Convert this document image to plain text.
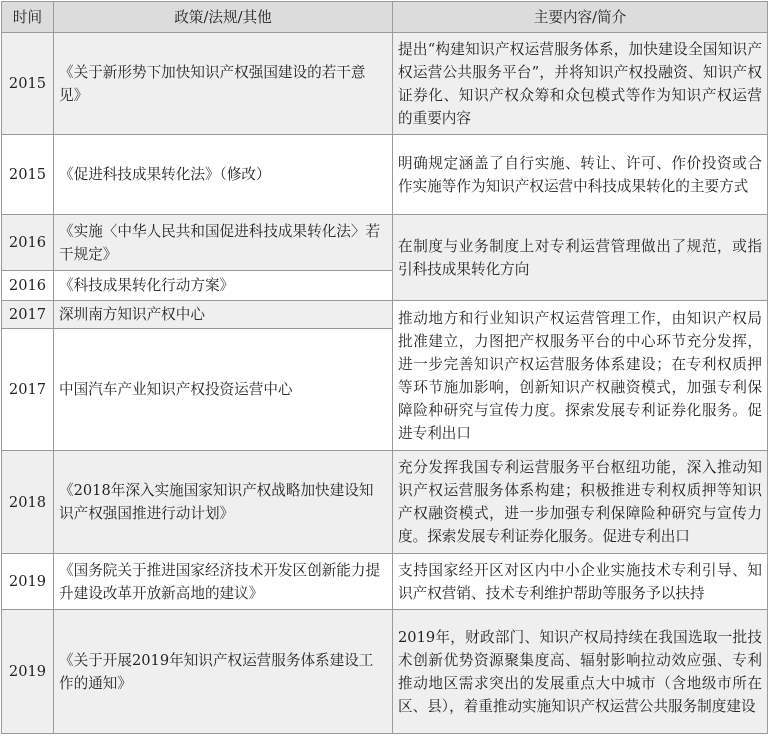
时间	政策/法规/其他	主要内容/简介
2015	《关于新形势下加快知识产权强国建设的若干意见》	提出“构建知识产权运营服务体系，加快建设全国知识产权运营公共服务平台”，并将知识产权投融资、知识产权证券化、知识产权众筹和众包模式等作为知识产权运营的重要内容
2015	《促进科技成果转化法》（修改）	明确规定涵盖了自行实施、转让、许可、作价投资或合作实施等作为知识产权运营中科技成果转化的主要方式
2016	《实施〈中华人民共和国促进科技成果转化法〉若干规定》	在制度与业务制度上对专利运营管理做出了规范，或指引科技成果转化方向
2016	《科技成果转化行动方案》	
2017	深圳南方知识产权中心	推动地方和行业知识产权运营管理工作，由知识产权局批准建立，力图把产权服务平台的中心环节充分发挥，进一步完善知识产权运营服务体系建设；在专利权质押等环节施加影响，创新知识产权融资模式，加强专利保障险种研究与宣传力度。探索发展专利证券化服务。促进专利出口
2017	中国汽车产业知识产权投资运营中心	
2018	《2018年深入实施国家知识产权战略加快建设知识产权强国推进行动计划》	充分发挥我国专利运营服务平台枢纽功能，深入推动知识产权运营服务体系构建；积极推进专利权质押等知识产权融资模式，进一步加强专利保障险种研究与宣传力度。探索发展专利证券化服务。促进专利出口
2019	《国务院关于推进国家经济技术开发区创新能力提升建设改革开放新高地的建议》	支持国家经开区对区内中小企业实施技术专利引导、知识产权营销、技术专利维护帮助等服务予以扶持
2019	《关于开展2019年知识产权运营服务体系建设工作的通知》	2019年，财政部门、知识产权局持续在我国选取一批技术创新优势资源聚集度高、辐射影响拉动效应强、专利推动地区需求突出的发展重点大中城市（含地级市所在区、县），着重推动实施知识产权运营公共服务制度建设
